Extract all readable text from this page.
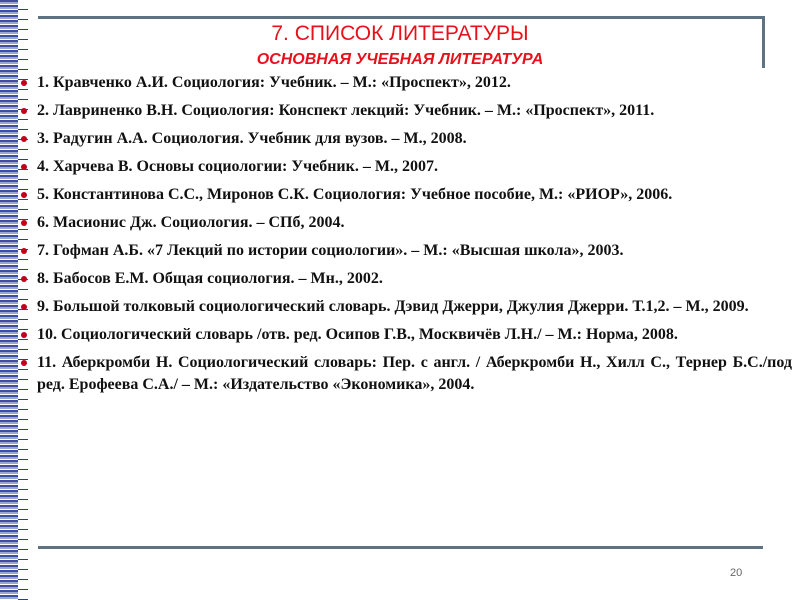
7. СПИСОК ЛИТЕРАТУРЫ
ОСНОВНАЯ УЧЕБНАЯ ЛИТЕРАТУРА
1. Кравченко А.И. Социология: Учебник. – М.: «Проспект», 2012.
2. Лавриненко В.Н. Социология: Конспект лекций: Учебник. – М.: «Проспект», 2011.
3. Радугин А.А. Социология. Учебник для вузов. – М., 2008.
4. Харчева В. Основы социологии: Учебник. – М., 2007.
5. Константинова С.С., Миронов С.К. Социология: Учебное пособие, М.: «РИОР», 2006.
6. Масионис Дж. Социология. – СПб, 2004.
7. Гофман А.Б. «7 Лекций по истории социологии». – М.: «Высшая школа», 2003.
8. Бабосов Е.М. Общая социология. – Мн., 2002.
9. Большой толковый социологический словарь. Дэвид Джерри, Джулия Джерри. Т.1,2. – М., 2009.
10. Социологический словарь /отв. ред. Осипов Г.В., Москвичёв Л.Н./ – М.: Норма, 2008.
11. Аберкромби Н. Социологический словарь: Пер. с англ. / Аберкромби Н., Хилл С., Тернер Б.С./под ред. Ерофеева С.А./ – М.: «Издательство «Экономика», 2004.
20
